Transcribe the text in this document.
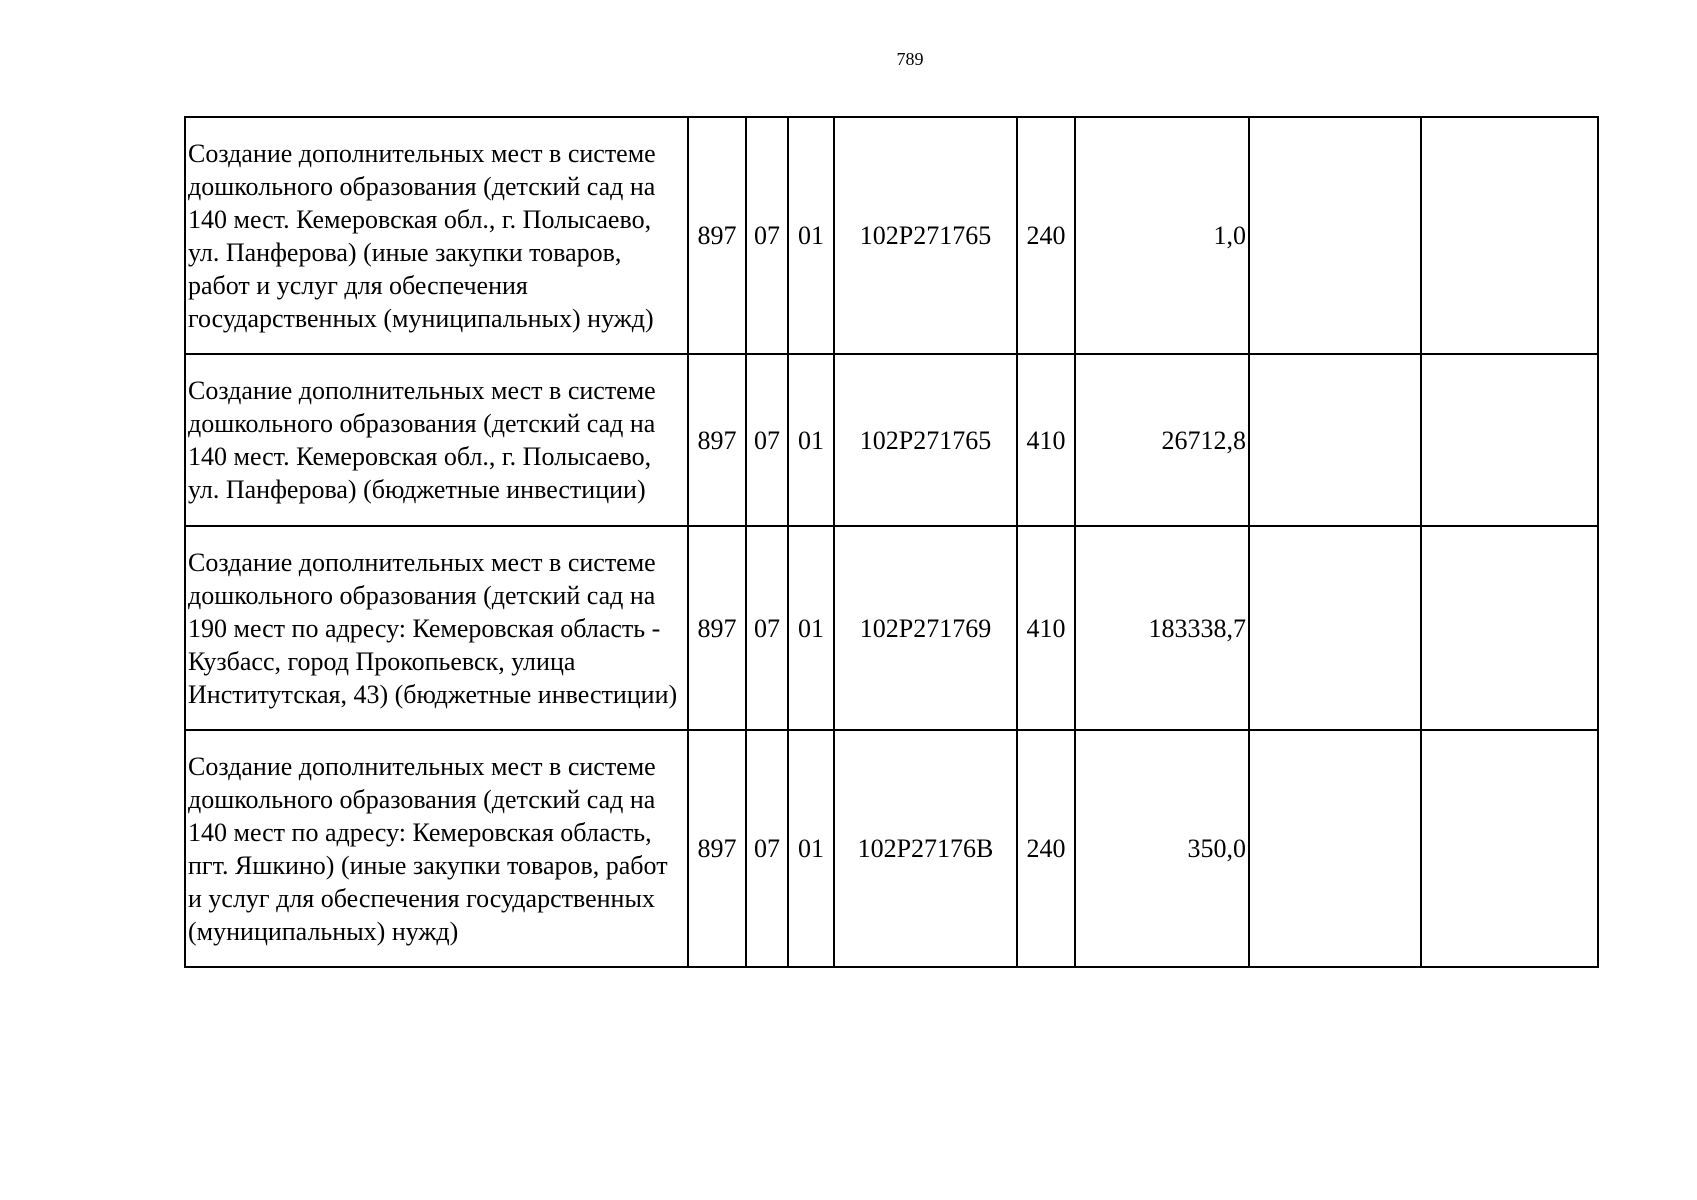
789
Создание дополнительных мест в системе дошкольного образования (детский сад на 140 мест. Кемеровская обл., г. Полысаево, ул. Панферова) (иные закупки товаров, работ и услуг для обеспечения государственных (муниципальных) нужд)	897	07	01	102P271765	240	1,0		
Создание дополнительных мест в системе дошкольного образования (детский сад на 140 мест. Кемеровская обл., г. Полысаево, ул. Панферова) (бюджетные инвестиции)	897	07	01	102P271765	410	26712,8		
Создание дополнительных мест в системе дошкольного образования (детский сад на 190 мест по адресу: Кемеровская область - Кузбасс, город Прокопьевск, улица Институтская, 43) (бюджетные инвестиции)	897	07	01	102P271769	410	183338,7		
Создание дополнительных мест в системе дошкольного образования (детский сад на 140 мест по адресу: Кемеровская область, пгт. Яшкино) (иные закупки товаров, работ и услуг для обеспечения государственных (муниципальных) нужд)	897	07	01	102P27176B	240	350,0		
